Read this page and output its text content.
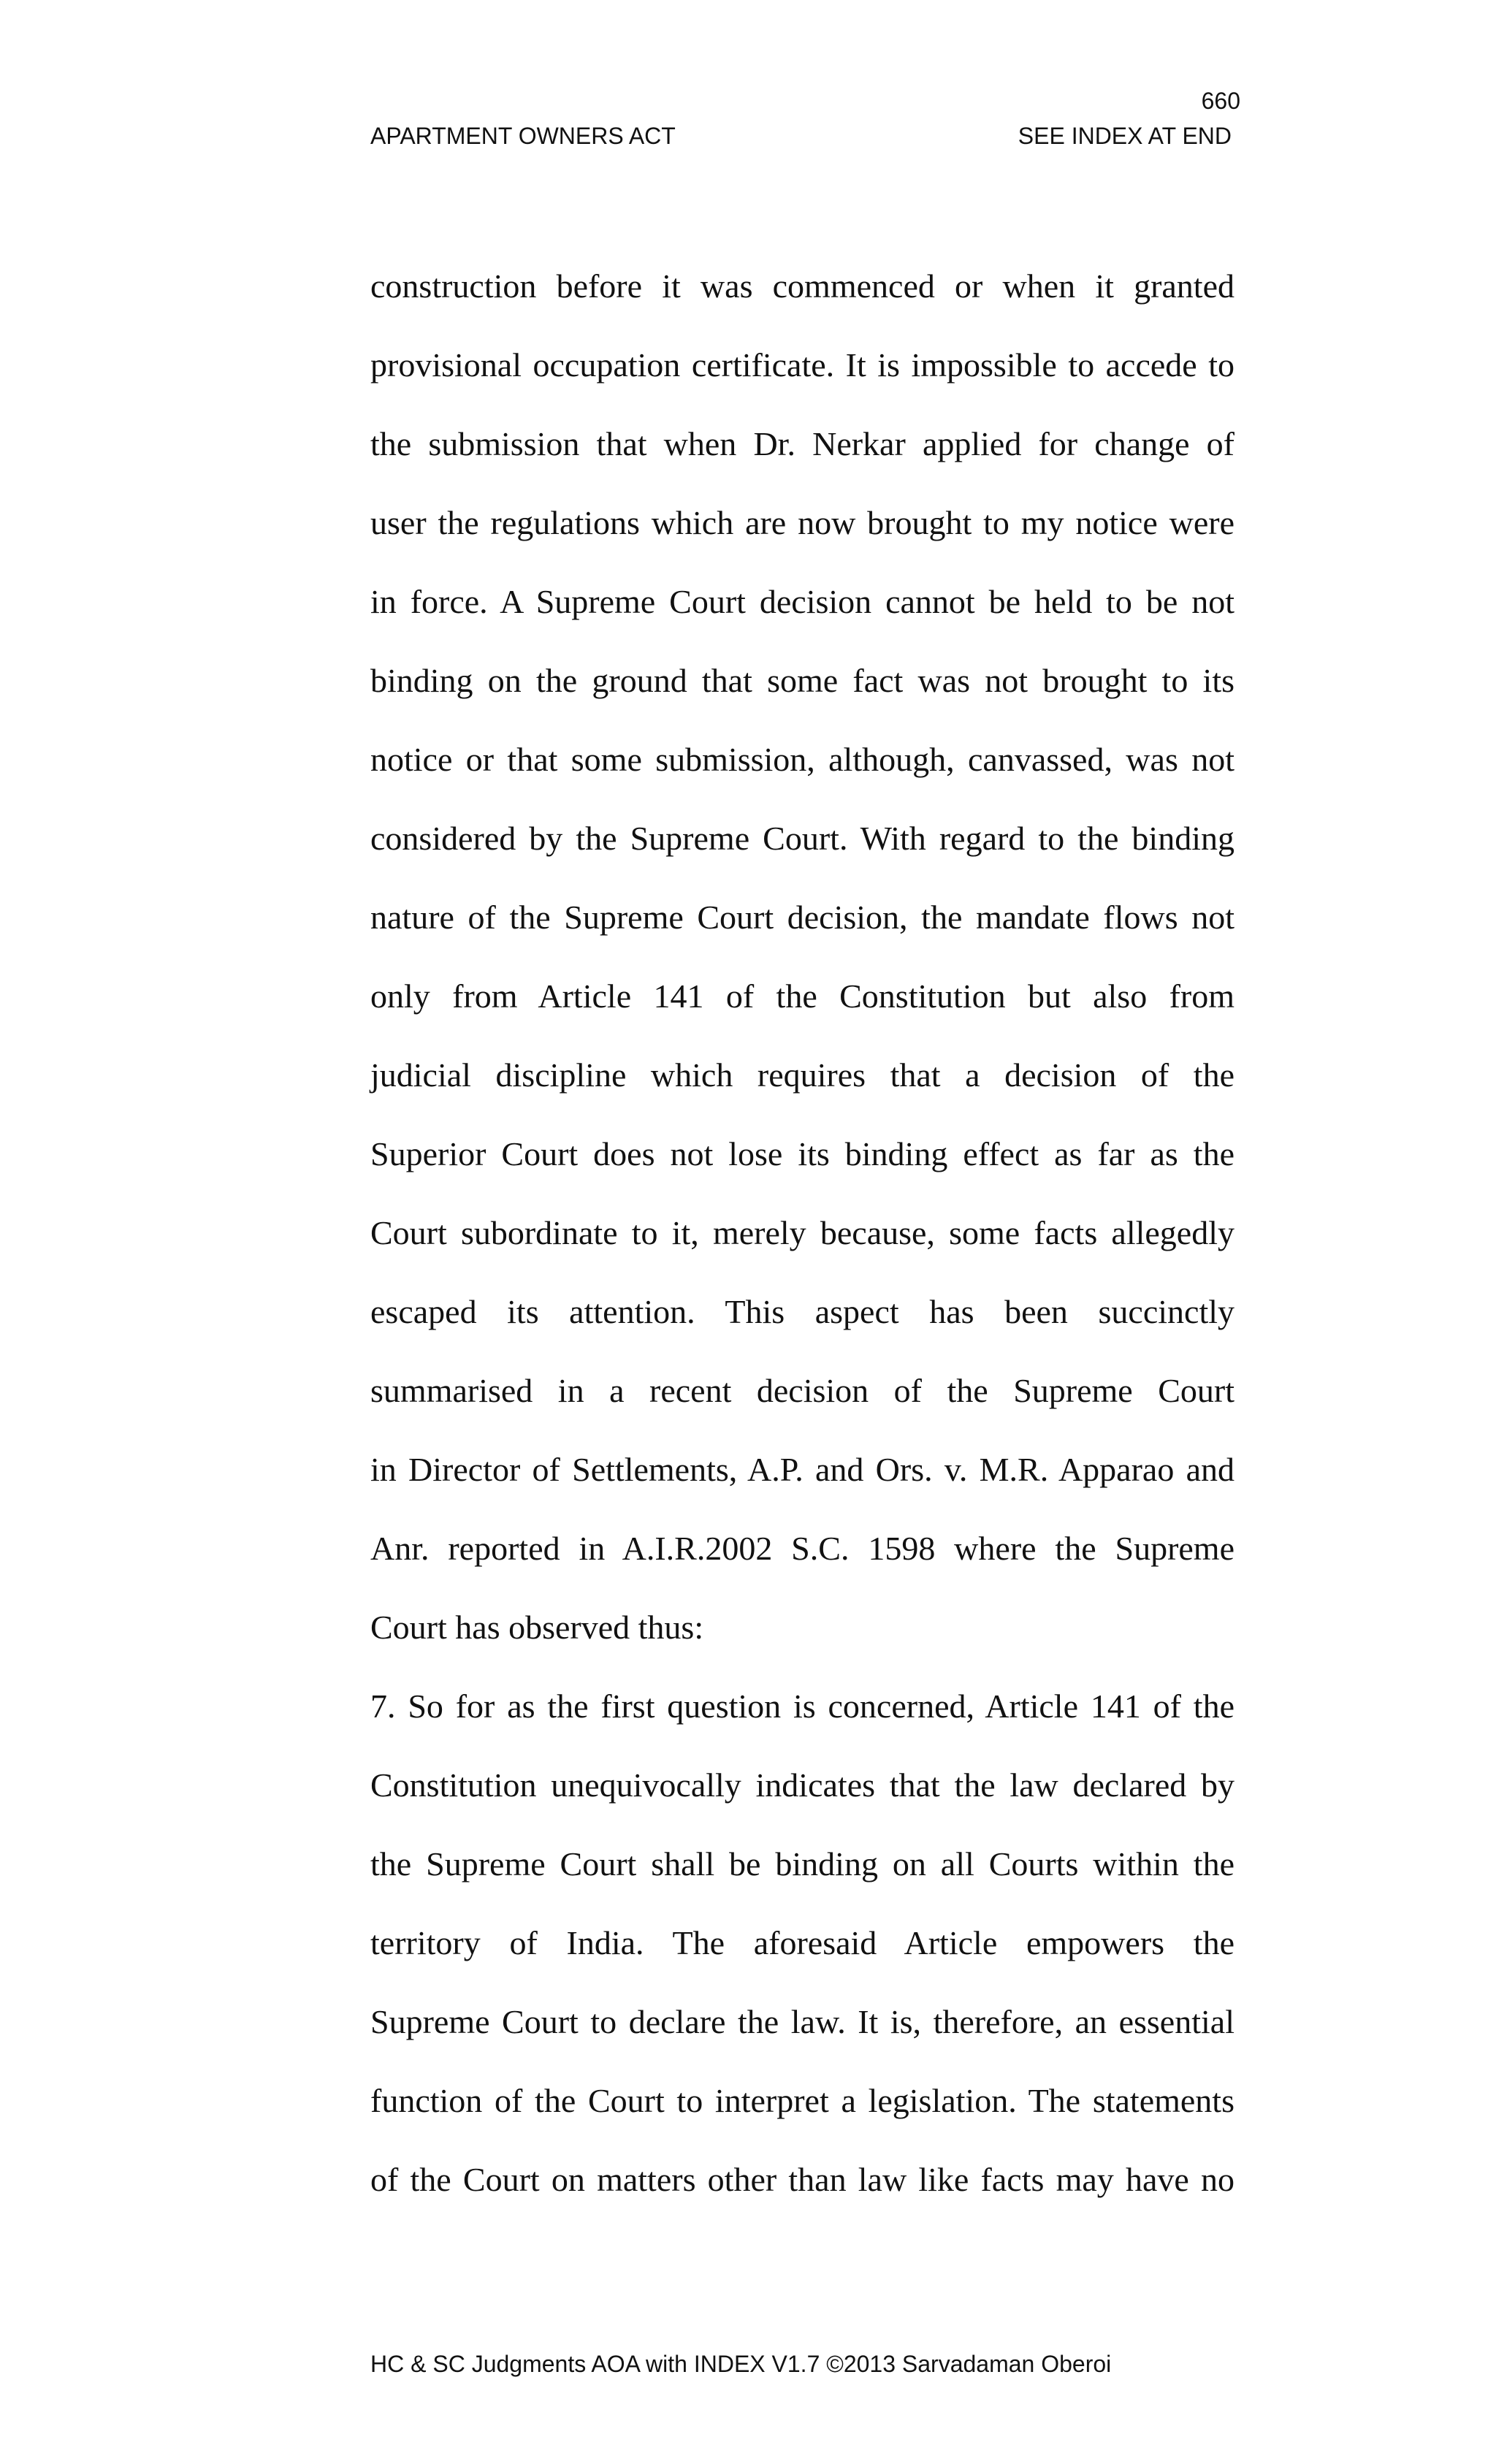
660
APARTMENT OWNERS ACT	SEE INDEX AT END
construction before it was commenced or when it granted
provisional occupation certificate. It is impossible to accede to
the submission that when Dr. Nerkar applied for change of
user the regulations which are now brought to my notice were
in force. A Supreme Court decision cannot be held to be not
binding on the ground that some fact was not brought to its
notice or that some submission, although, canvassed, was not
considered by the Supreme Court. With regard to the binding
nature of the Supreme Court decision, the mandate flows not
only from Article 141 of the Constitution but also from
judicial discipline which requires that a decision of the
Superior Court does not lose its binding effect as far as the
Court subordinate to it, merely because, some facts allegedly
escaped its attention. This aspect has been succinctly
summarised in a recent decision of the Supreme Court
in Director of Settlements, A.P. and Ors. v. M.R. Apparao and
Anr. reported in A.I.R.2002 S.C. 1598 where the Supreme
Court has observed thus:
7. So for as the first question is concerned, Article 141 of the
Constitution unequivocally indicates that the law declared by
the Supreme Court shall be binding on all Courts within the
territory of India. The aforesaid Article empowers the
Supreme Court to declare the law. It is, therefore, an essential
function of the Court to interpret a legislation. The statements
of the Court on matters other than law like facts may have no
HC & SC Judgments AOA with INDEX V1.7 ©2013 Sarvadaman Oberoi
